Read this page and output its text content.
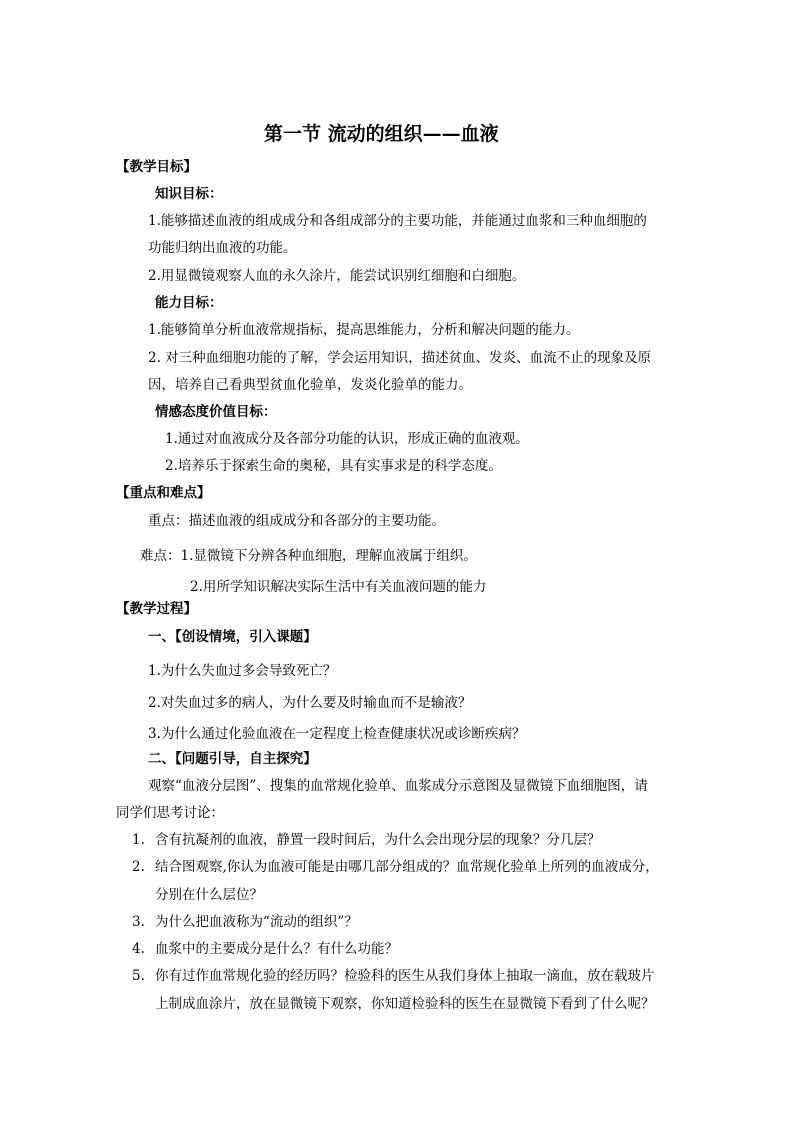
第一节 流动的组织——血液
【教学目标】
知识目标：
1.能够描述血液的组成成分和各组成部分的主要功能，并能通过血浆和三种血细胞的
功能归纳出血液的功能。
2.用显微镜观察人血的永久涂片，能尝试识别红细胞和白细胞。
能力目标：
1.能够简单分析血液常规指标，提高思维能力，分析和解决问题的能力。
2. 对三种血细胞功能的了解，学会运用知识，描述贫血、发炎、血流不止的现象及原
因，培养自己看典型贫血化验单，发炎化验单的能力。
情感态度价值目标：
1.通过对血液成分及各部分功能的认识，形成正确的血液观。
2.培养乐于探索生命的奥秘，具有实事求是的科学态度。
【重点和难点】
重点：描述血液的组成成分和各部分的主要功能。
难点：1.显微镜下分辨各种血细胞，理解血液属于组织。
2.用所学知识解决实际生活中有关血液问题的能力
【教学过程】
一、【创设情境，引入课题】
1.为什么失血过多会导致死亡？
2.对失血过多的病人，为什么要及时输血而不是输液？
3.为什么通过化验血液在一定程度上检查健康状况或诊断疾病？
二、【问题引导，自主探究】
观察“血液分层图”、搜集的血常规化验单、血浆成分示意图及显微镜下血细胞图，请
同学们思考讨论：
1. 含有抗凝剂的血液，静置一段时间后，为什么会出现分层的现象？分几层？
2. 结合图观察,你认为血液可能是由哪几部分组成的？血常规化验单上所列的血液成分，
分别在什么层位？
3. 为什么把血液称为“流动的组织”？
4. 血浆中的主要成分是什么？有什么功能？
5. 你有过作血常规化验的经历吗？检验科的医生从我们身体上抽取一滴血，放在载玻片
上制成血涂片，放在显微镜下观察，你知道检验科的医生在显微镜下看到了什么呢？
